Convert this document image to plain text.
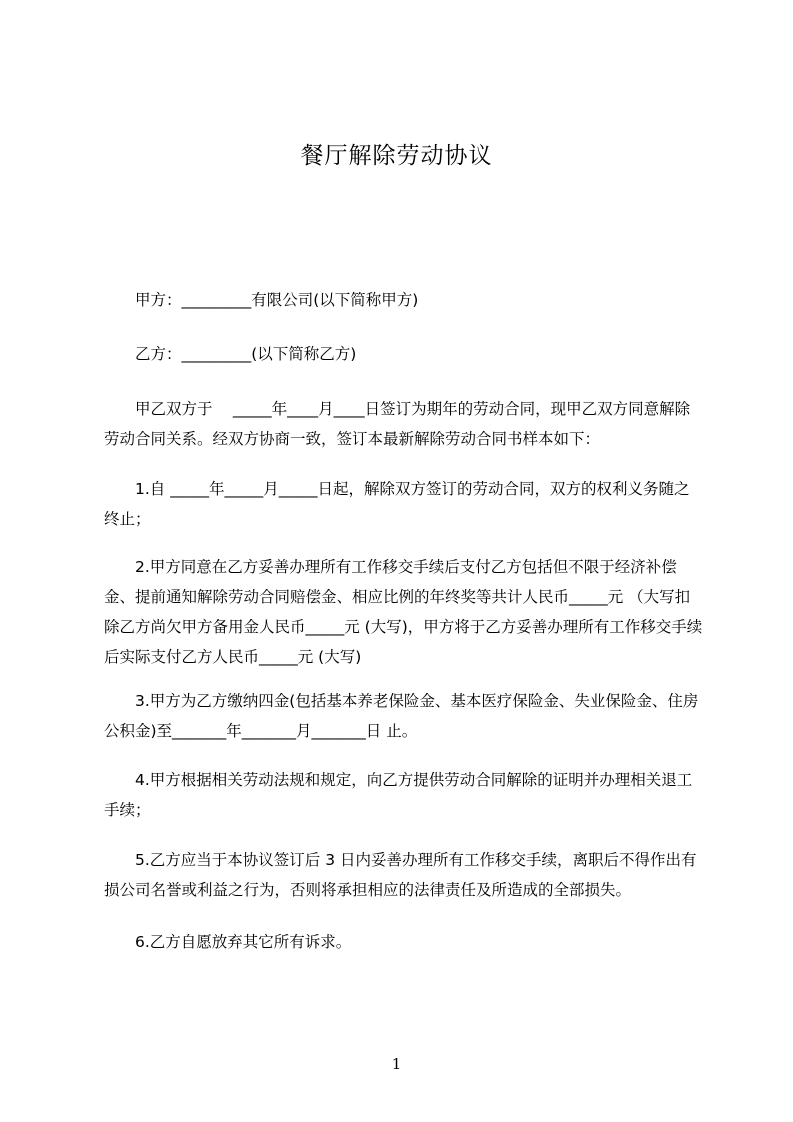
餐厅解除劳动协议
　　甲方：_________有限公司(以下简称甲方)
　　乙方：_________(以下简称乙方)
　　甲乙双方于　 _____年____月____日签订为期年的劳动合同，现甲乙双方同意解除劳动合同关系。经双方协商一致，签订本最新解除劳动合同书样本如下：
　　1.自 _____年_____月_____日起，解除双方签订的劳动合同，双方的权利义务随之终止；
　　2.甲方同意在乙方妥善办理所有工作移交手续后支付乙方包括但不限于经济补偿金、提前通知解除劳动合同赔偿金、相应比例的年终奖等共计人民币_____元 （大写扣除乙方尚欠甲方备用金人民币_____元 (大写)，甲方将于乙方妥善办理所有工作移交手续后实际支付乙方人民币_____元 (大写)
　　3.甲方为乙方缴纳四金(包括基本养老保险金、基本医疗保险金、失业保险金、住房公积金)至_______年_______月_______日 止。
　　4.甲方根据相关劳动法规和规定，向乙方提供劳动合同解除的证明并办理相关退工手续；
　　5.乙方应当于本协议签订后 3 日内妥善办理所有工作移交手续，离职后不得作出有损公司名誉或利益之行为，否则将承担相应的法律责任及所造成的全部损失。
　　6.乙方自愿放弃其它所有诉求。
1
